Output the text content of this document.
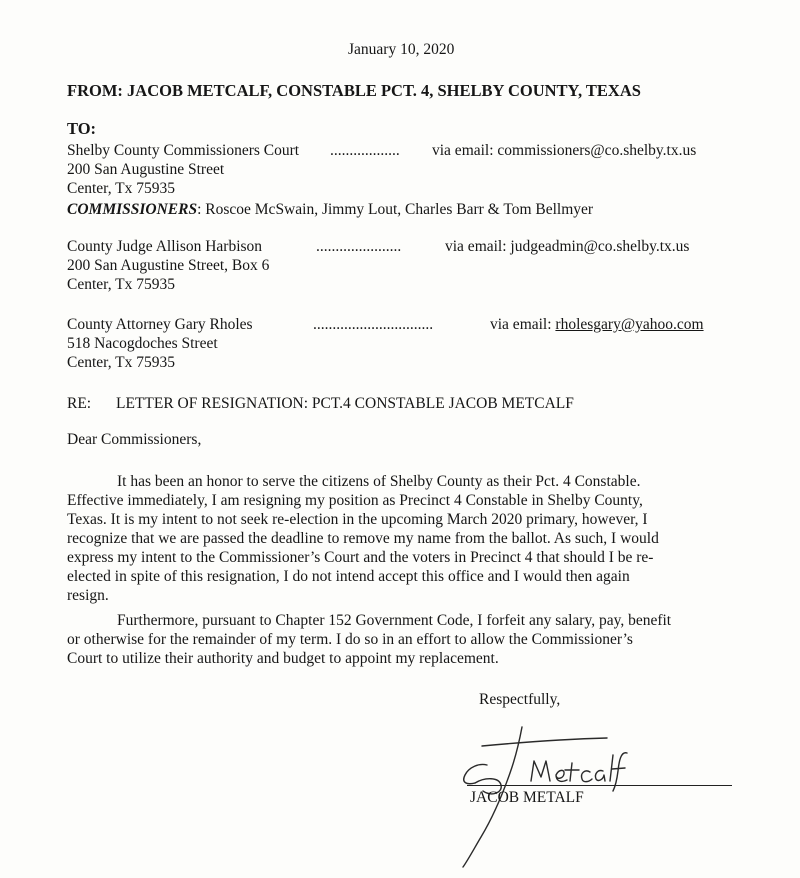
January 10, 2020
FROM: JACOB METCALF, CONSTABLE PCT. 4, SHELBY COUNTY, TEXAS
TO:
Shelby County Commissioners Court .................. via email: commissioners@co.shelby.tx.us
200 San Augustine Street
Center, Tx 75935
COMMISSIONERS: Roscoe McSwain, Jimmy Lout, Charles Barr & Tom Bellmyer
County Judge Allison Harbison	......................	via email: judgeadmin@co.shelby.tx.us
200 San Augustine Street, Box 6
Center, Tx 75935
County Attorney Gary Rholes	...............................	via email: rholesgary@yahoo.com
518 Nacogdoches Street
Center, Tx 75935
RE: LETTER OF RESIGNATION: PCT.4 CONSTABLE JACOB METCALF
Dear Commissioners,
It has been an honor to serve the citizens of Shelby County as their Pct. 4 Constable.
Effective immediately, I am resigning my position as Precinct 4 Constable in Shelby County,
Texas. It is my intent to not seek re-election in the upcoming March 2020 primary, however, I
recognize that we are passed the deadline to remove my name from the ballot. As such, I would
express my intent to the Commissioner’s Court and the voters in Precinct 4 that should I be re-
elected in spite of this resignation, I do not intend accept this office and I would then again
resign.
Furthermore, pursuant to Chapter 152 Government Code, I forfeit any salary, pay, benefit
or otherwise for the remainder of my term. I do so in an effort to allow the Commissioner’s
Court to utilize their authority and budget to appoint my replacement.
Respectfully,
JACOB METALF
